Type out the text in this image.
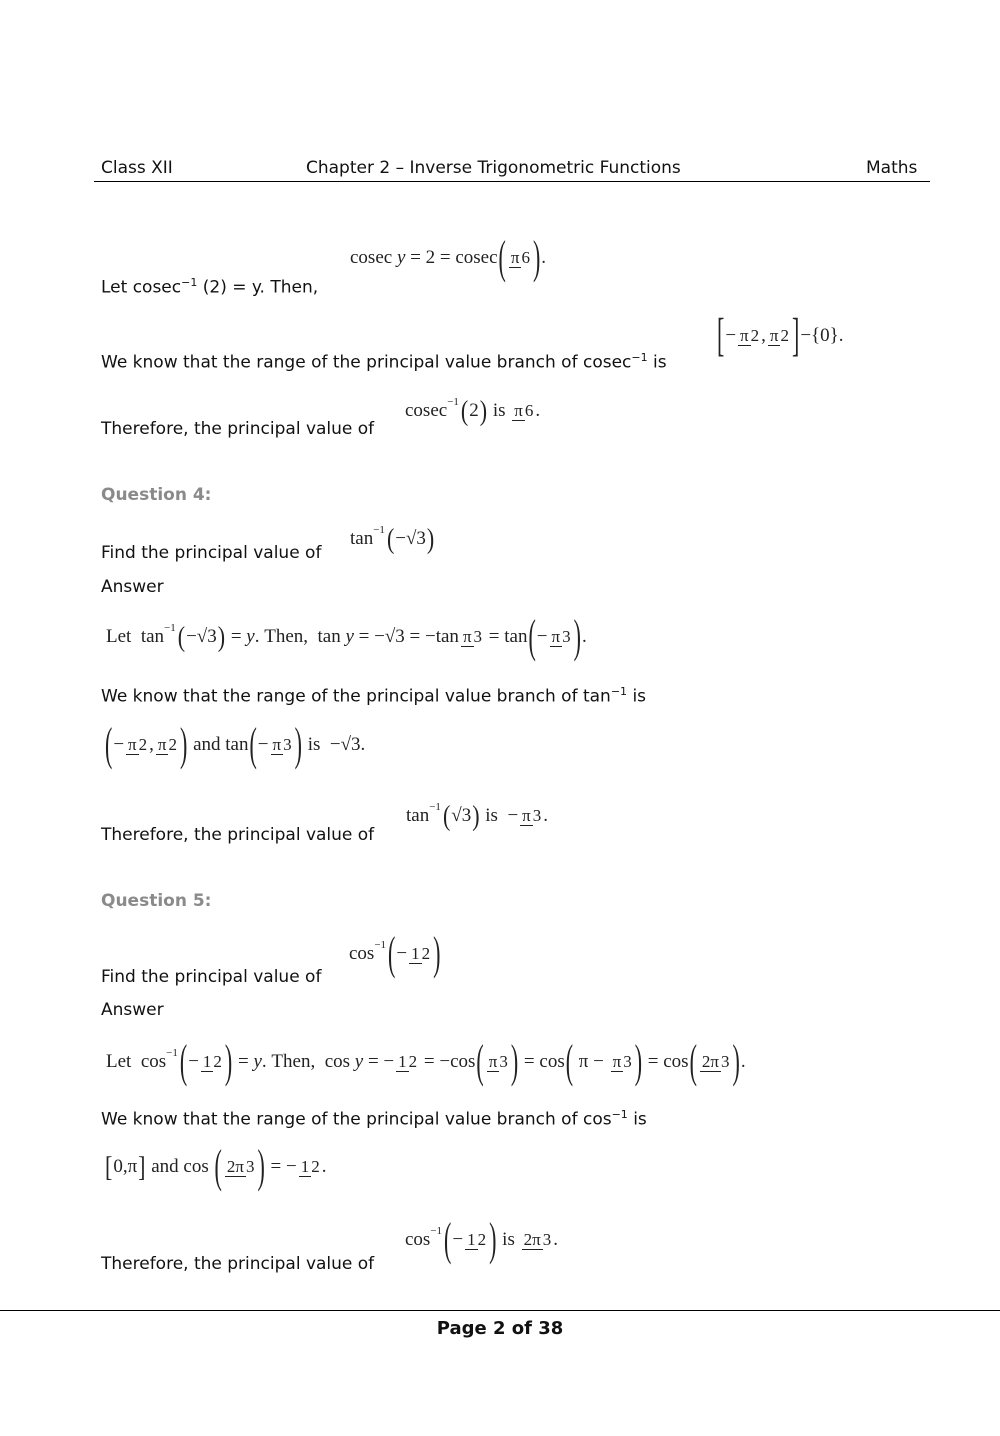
Class XII	Chapter 2 – Inverse Trigonometric Functions	Maths
Let cosec$^{-1}$ (2) = y. Then,
cosec y = 2 = cosec ( π 6 ) .
We know that the range of the principal value branch of cosec$^{-1}$ is
[ − π 2 , π 2 ] −{0}.
Therefore, the principal value of
cosec −1 ( 2 ) is π 6 .
Question 4:
Find the principal value of
tan −1 ( −√3 )
Answer
Let  tan −1 ( −√3 ) = y . Then,  tan y = −√3 = −tan π 3 = tan ( − π 3 ) .
We know that the range of the principal value branch of $\tan^{-1}$ is
( − π 2 , π 2 ) and tan ( − π 3 ) is  −√3.
Therefore, the principal value of
tan −1 ( √3 ) is  − π 3 .
Question 5:
Find the principal value of
cos −1 ( − 1 2 )
Answer
Let  cos −1 ( − 1 2 ) = y . Then,  cos y = − 1 2 = −cos ( π 3 ) = cos ( π − π 3 ) = cos ( 2π 3 ) .
We know that the range of the principal value branch of $\cos^{-1}$ is
[ 0,π ] and cos ( 2π 3 ) = − 1 2 .
Therefore, the principal value of
cos −1 ( − 1 2 ) is 2π 3 .
Page 2 of 38
